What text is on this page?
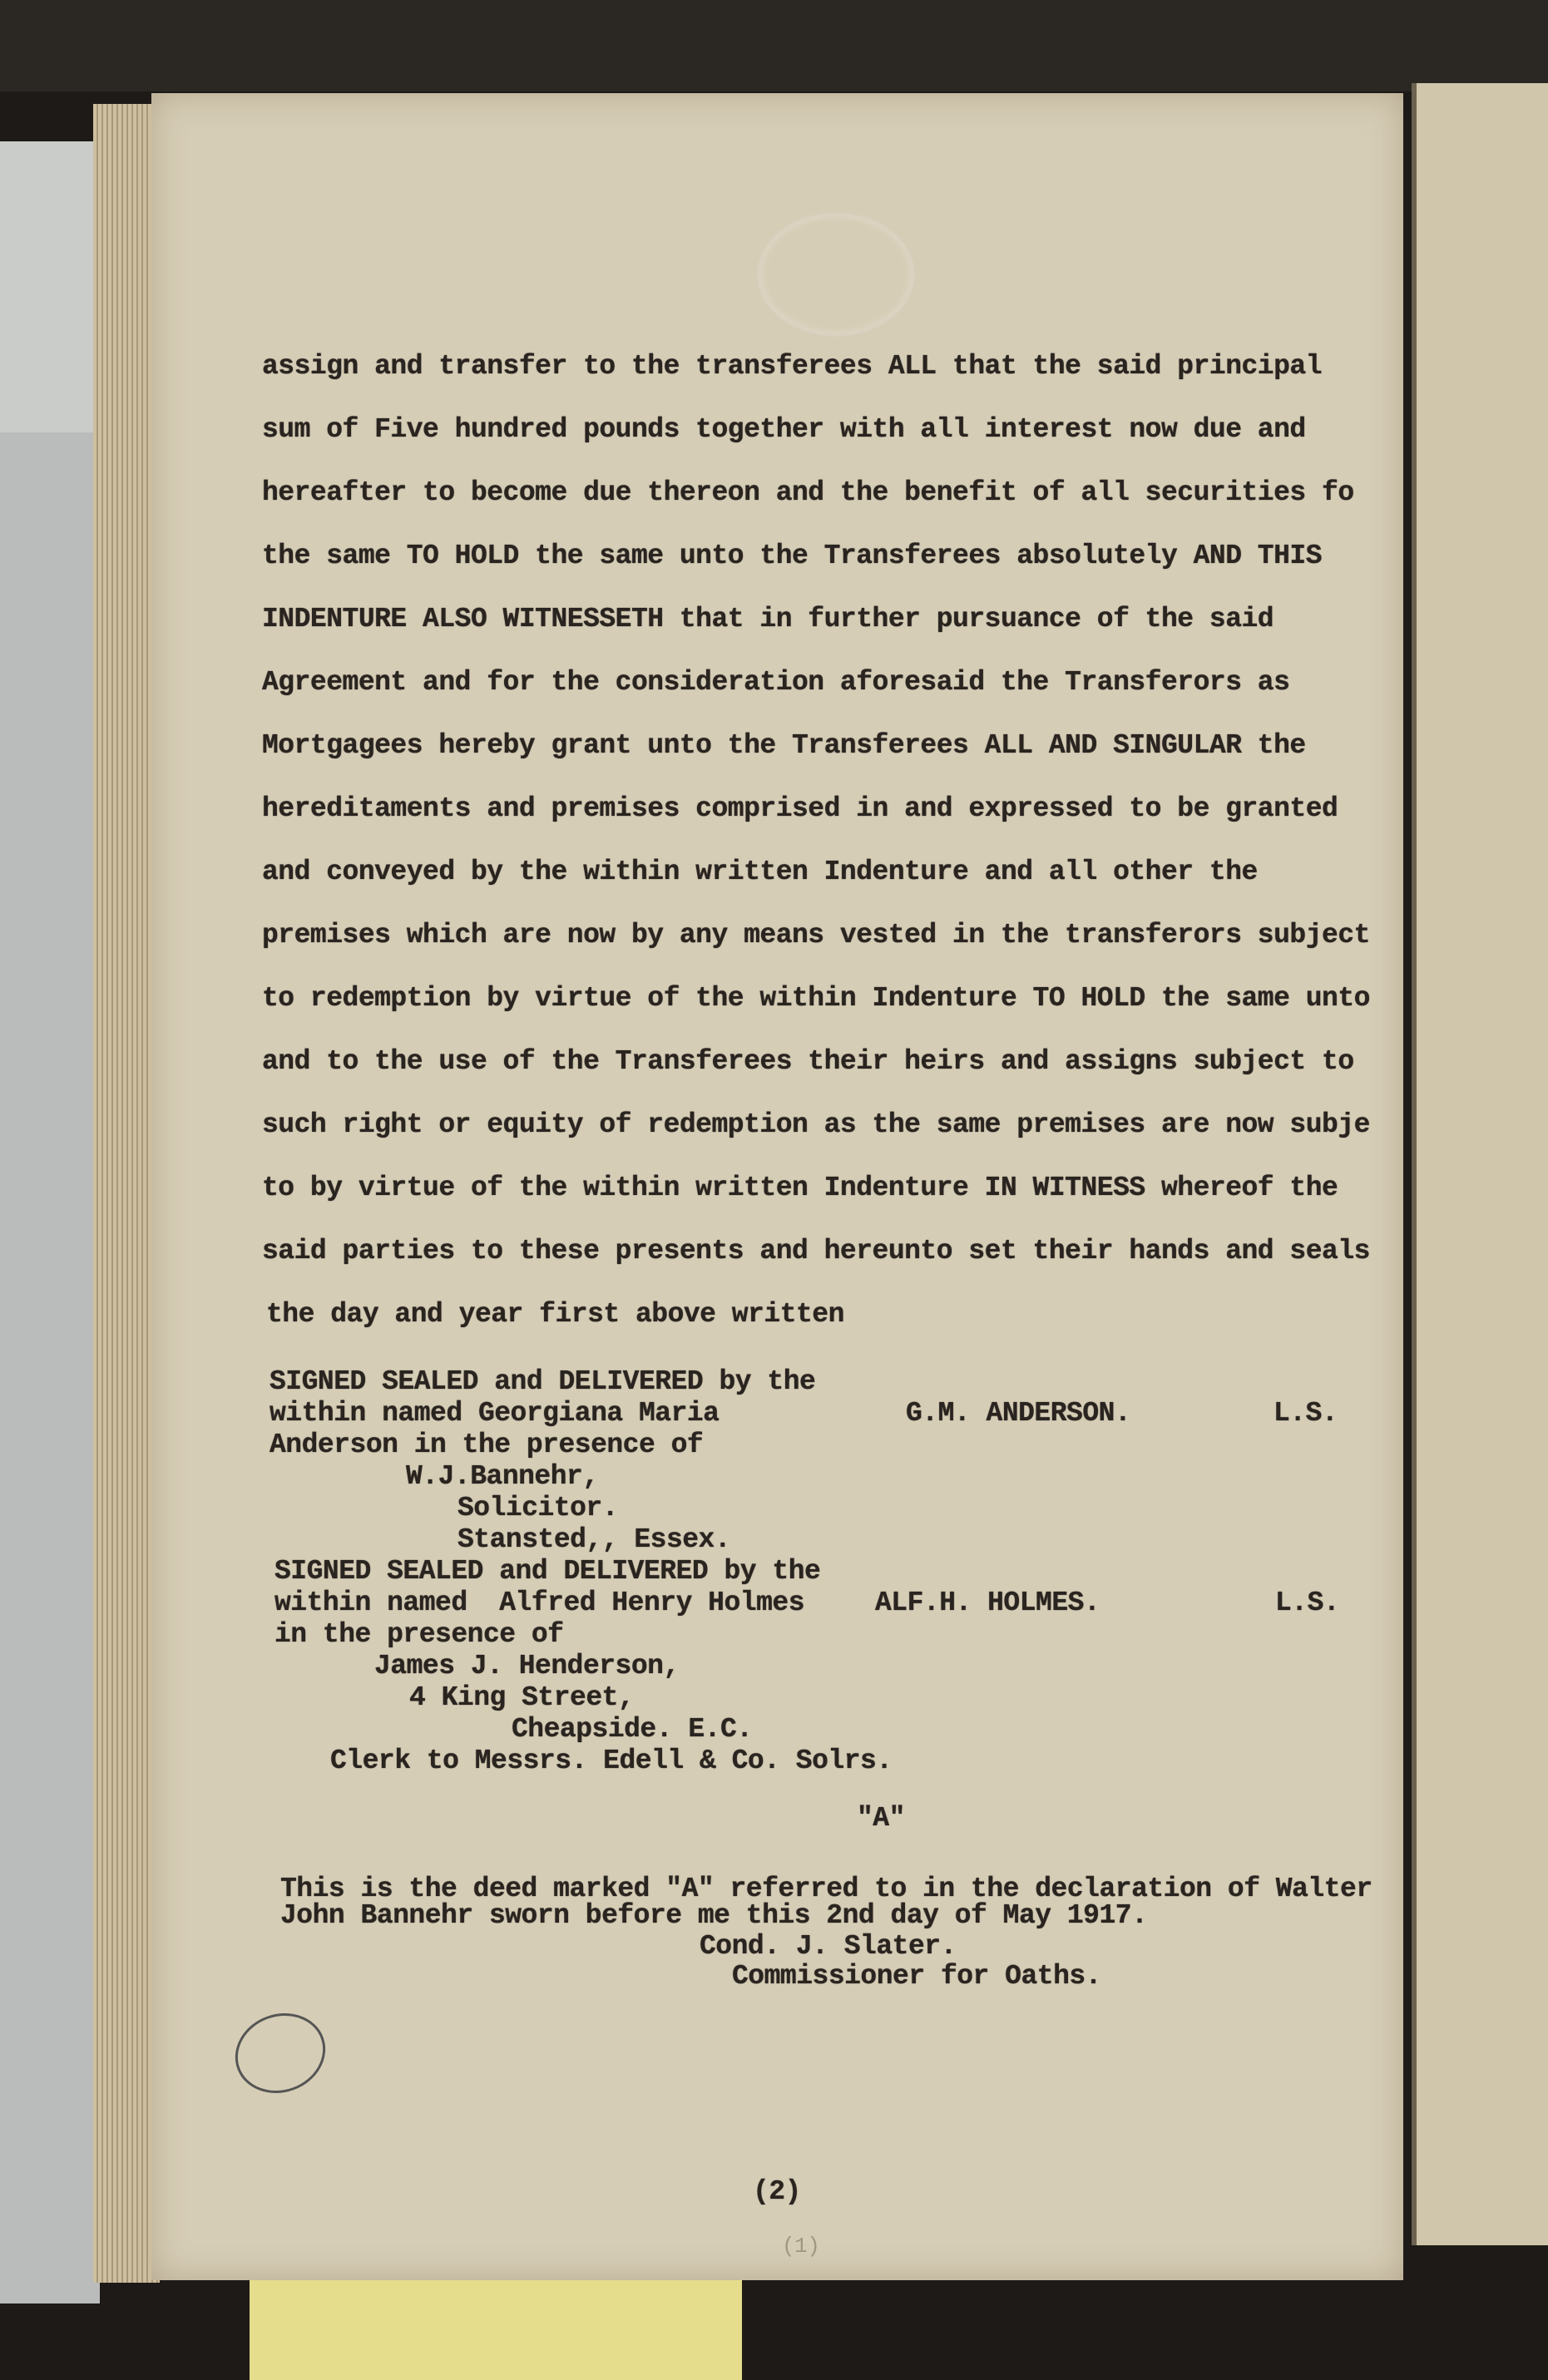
assign and transfer to the transferees ALL that the said principal
sum of Five hundred pounds together with all interest now due and
hereafter to become due thereon and the benefit of all securities fo
the same TO HOLD the same unto the Transferees absolutely AND THIS
INDENTURE ALSO WITNESSETH that in further pursuance of the said
Agreement and for the consideration aforesaid the Transferors as
Mortgagees hereby grant unto the Transferees ALL AND SINGULAR the
hereditaments and premises comprised in and expressed to be granted
and conveyed by the within written Indenture and all other the
premises which are now by any means vested in the transferors subject
to redemption by virtue of the within Indenture TO HOLD the same unto
and to the use of the Transferees their heirs and assigns subject to
such right or equity of redemption as the same premises are now subje
to by virtue of the within written Indenture IN WITNESS whereof the
said parties to these presents and hereunto set their hands and seals
the day and year first above written
SIGNED SEALED and DELIVERED by the
within named Georgiana Maria
Anderson in the presence of
G.M. ANDERSON.	L.S.
W.J.Bannehr,
Solicitor.
Stansted,, Essex.
SIGNED SEALED and DELIVERED by the
within named  Alfred Henry Holmes
in the presence of
ALF.H. HOLMES.	L.S.
James J. Henderson,
4 King Street,
Cheapside. E.C.
Clerk to Messrs. Edell & Co. Solrs.
"A"
This is the deed marked "A" referred to in the declaration of Walter
John Bannehr sworn before me this 2nd day of May 1917.
Cond. J. Slater.
Commissioner for Oaths.
(2)
(1)
